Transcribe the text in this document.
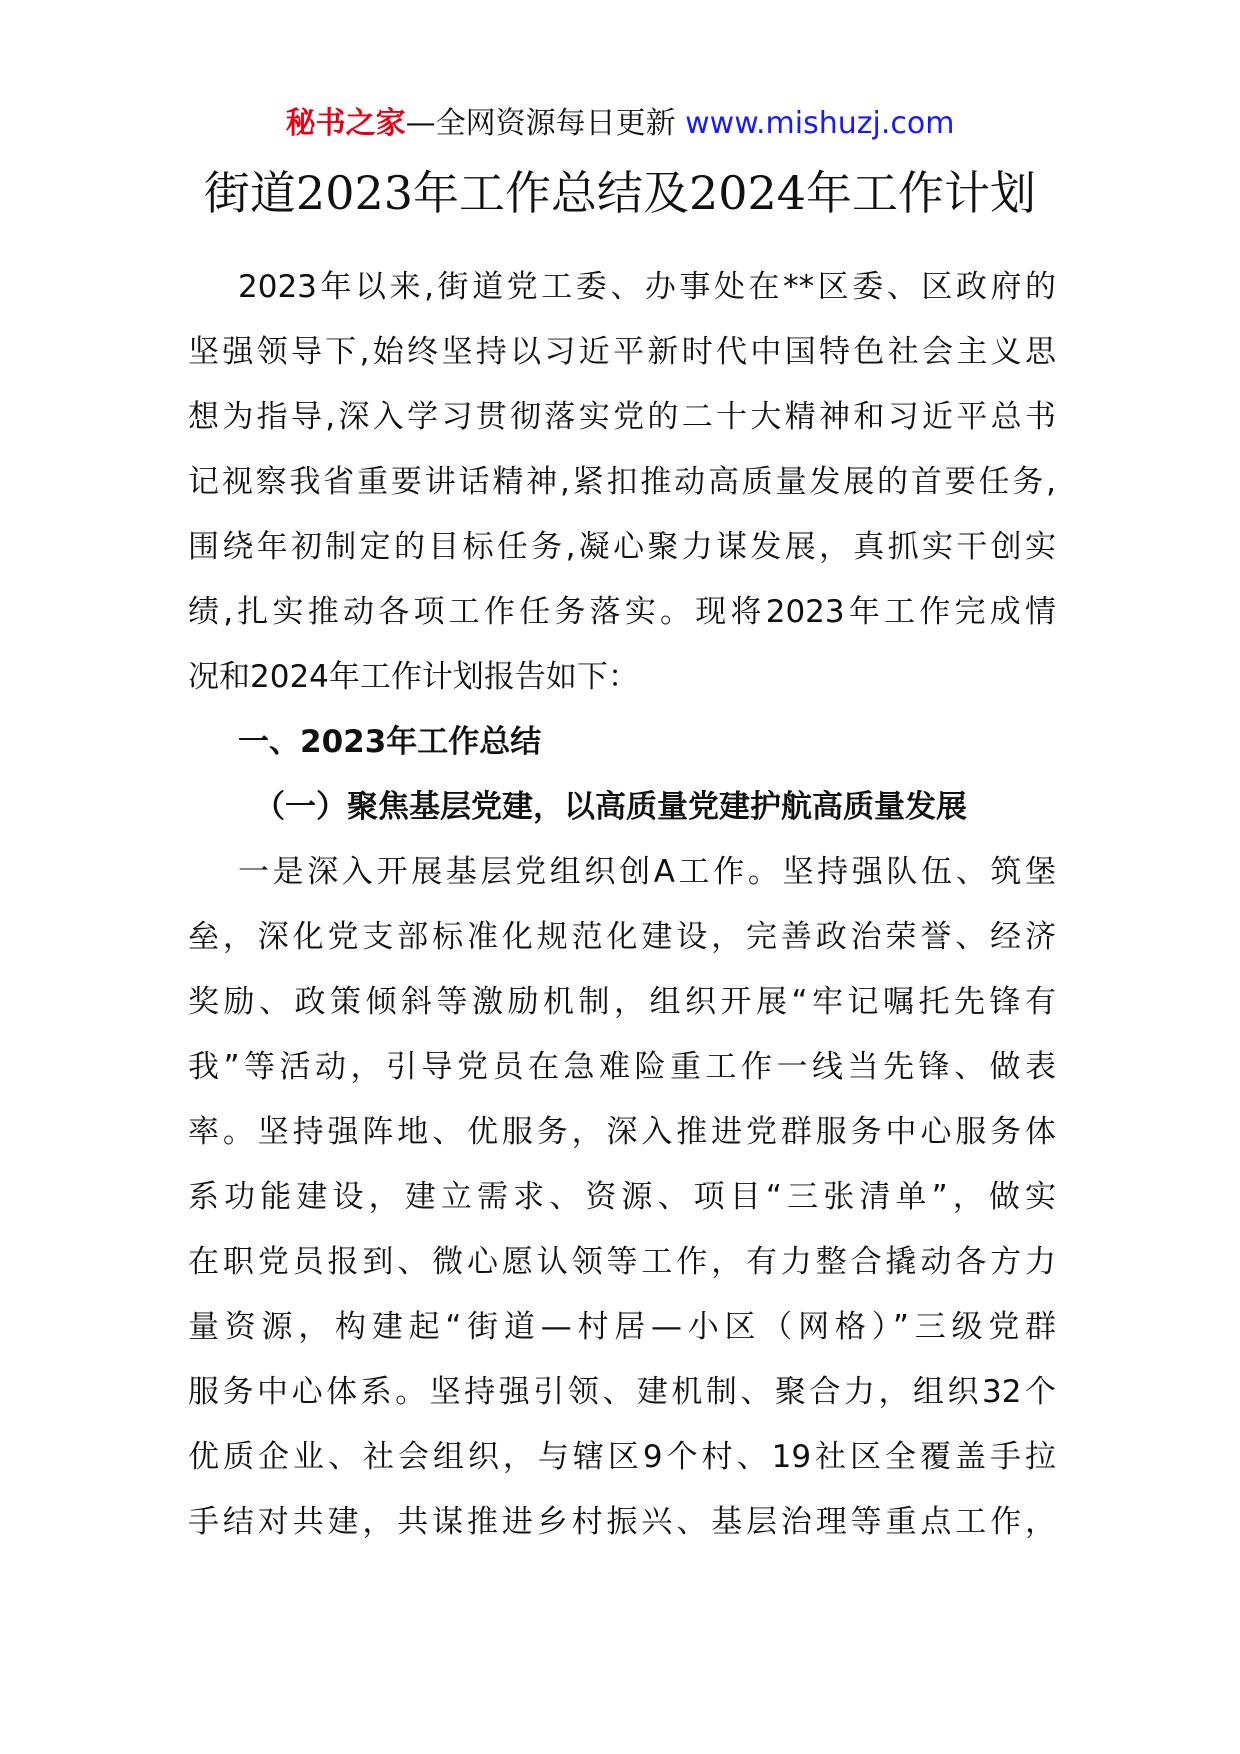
秘书之家—全网资源每日更新 www.mishuzj.com
街道2023年工作总结及2024年工作计划
2023年以来,街道党工委、办事处在**区委、区政府的
坚强领导下,始终坚持以习近平新时代中国特色社会主义思
想为指导,深入学习贯彻落实党的二十大精神和习近平总书
记视察我省重要讲话精神,紧扣推动高质量发展的首要任务,
围绕年初制定的目标任务,凝心聚力谋发展，真抓实干创实
绩,扎实推动各项工作任务落实。现将2023年工作完成情
况和2024年工作计划报告如下：
一、2023年工作总结
（一）聚焦基层党建，以高质量党建护航高质量发展
一是深入开展基层党组织创A工作。坚持强队伍、筑堡
垒，深化党支部标准化规范化建设，完善政治荣誉、经济
奖励、政策倾斜等激励机制，组织开展“牢记嘱托先锋有
我”等活动，引导党员在急难险重工作一线当先锋、做表
率。坚持强阵地、优服务，深入推进党群服务中心服务体
系功能建设，建立需求、资源、项目“三张清单”，做实
在职党员报到、微心愿认领等工作，有力整合撬动各方力
量资源，构建起“街道—村居—小区（网格）”三级党群
服务中心体系。坚持强引领、建机制、聚合力，组织32个
优质企业、社会组织，与辖区9个村、19社区全覆盖手拉
手结对共建，共谋推进乡村振兴、基层治理等重点工作，
